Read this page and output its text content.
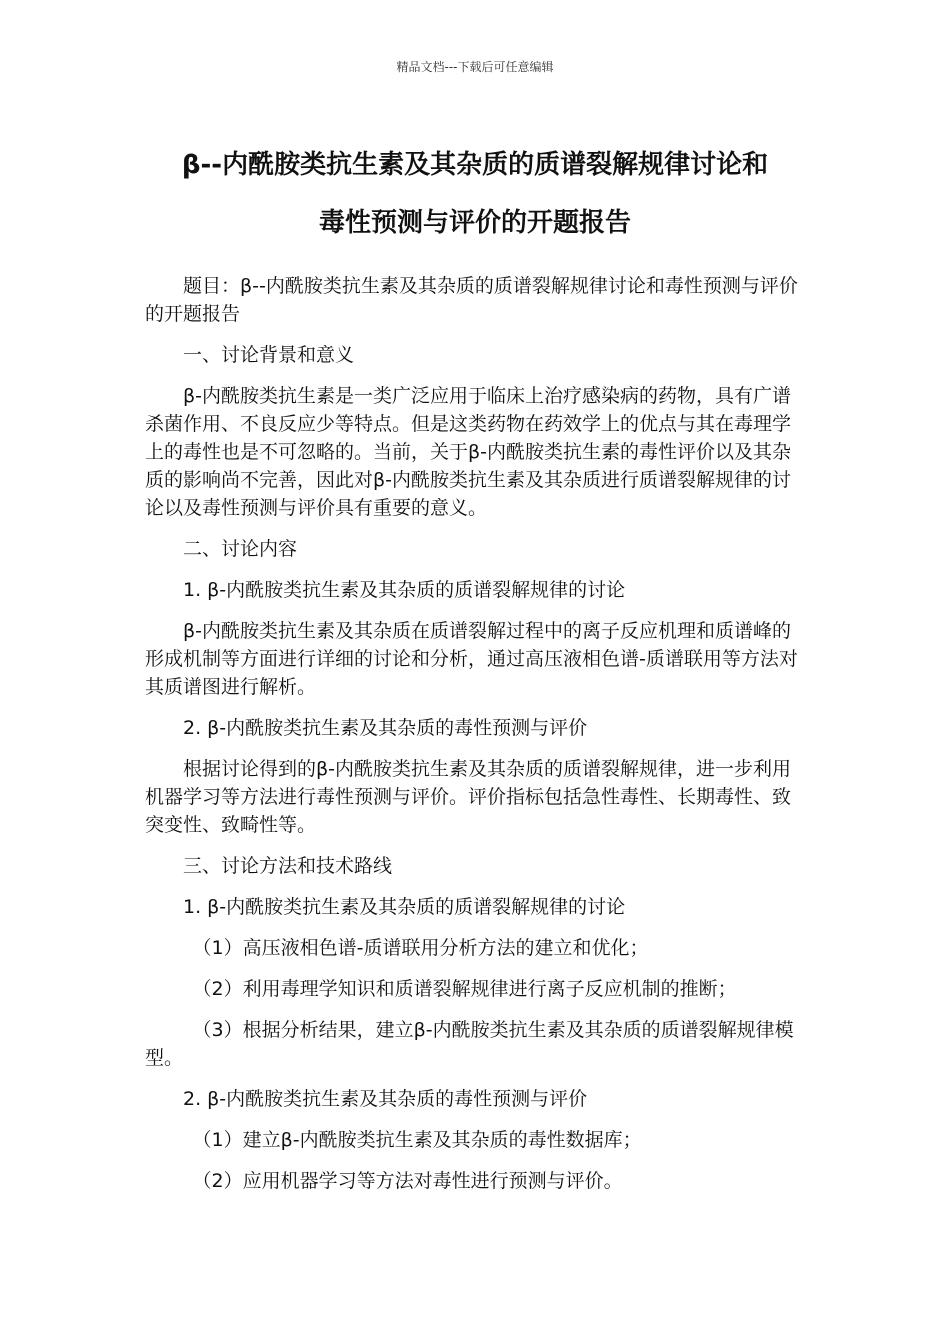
精品文档---下载后可任意编辑
β--内酰胺类抗生素及其杂质的质谱裂解规律讨论和
毒性预测与评价的开题报告

题目：β--内酰胺类抗生素及其杂质的质谱裂解规律讨论和毒性预测与评价的开题报告

一、讨论背景和意义

β-内酰胺类抗生素是一类广泛应用于临床上治疗感染病的药物，具有广谱杀菌作用、不良反应少等特点。但是这类药物在药效学上的优点与其在毒理学上的毒性也是不可忽略的。当前，关于β-内酰胺类抗生素的毒性评价以及其杂质的影响尚不完善，因此对β-内酰胺类抗生素及其杂质进行质谱裂解规律的讨论以及毒性预测与评价具有重要的意义。

二、讨论内容

1. β-内酰胺类抗生素及其杂质的质谱裂解规律的讨论

β-内酰胺类抗生素及其杂质在质谱裂解过程中的离子反应机理和质谱峰的形成机制等方面进行详细的讨论和分析，通过高压液相色谱-质谱联用等方法对其质谱图进行解析。

2. β-内酰胺类抗生素及其杂质的毒性预测与评价

根据讨论得到的β-内酰胺类抗生素及其杂质的质谱裂解规律，进一步利用机器学习等方法进行毒性预测与评价。评价指标包括急性毒性、长期毒性、致突变性、致畸性等。

三、讨论方法和技术路线

1. β-内酰胺类抗生素及其杂质的质谱裂解规律的讨论

（1）高压液相色谱-质谱联用分析方法的建立和优化；

（2）利用毒理学知识和质谱裂解规律进行离子反应机制的推断；

（3）根据分析结果，建立β-内酰胺类抗生素及其杂质的质谱裂解规律模型。

2. β-内酰胺类抗生素及其杂质的毒性预测与评价

（1）建立β-内酰胺类抗生素及其杂质的毒性数据库；

（2）应用机器学习等方法对毒性进行预测与评价。
